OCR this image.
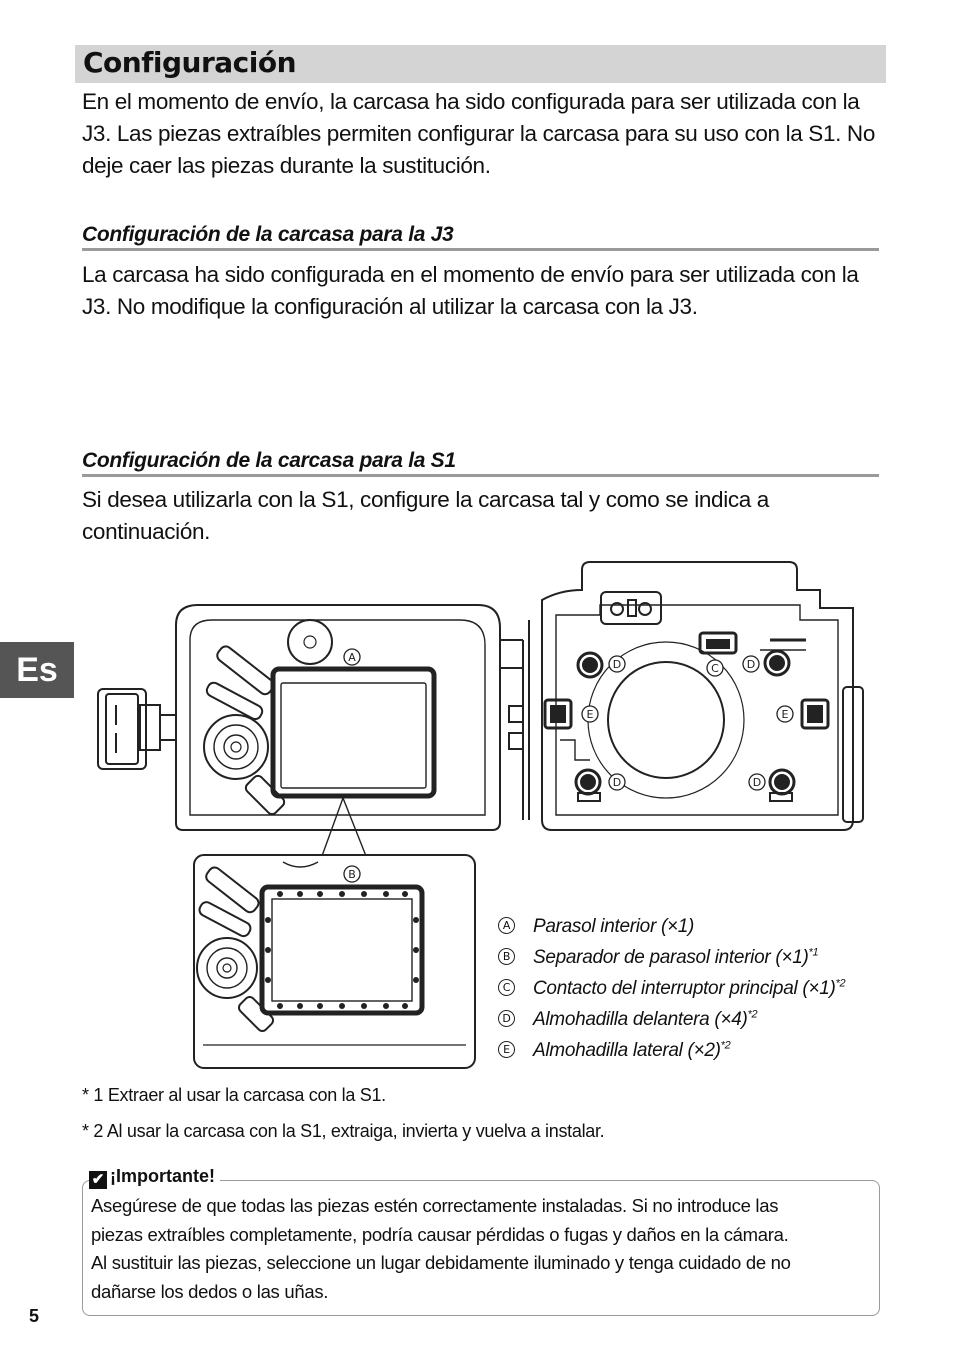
Configuración
En el momento de envío, la carcasa ha sido configurada para ser utilizada con la J3. Las piezas extraíbles permiten configurar la carcasa para su uso con la S1. No deje caer las piezas durante la sustitución.
Configuración de la carcasa para la J3
La carcasa ha sido configurada en el momento de envío para ser utilizada con la J3. No modifique la configuración al utilizar la carcasa con la J3.
Configuración de la carcasa para la S1
Si desea utilizarla con la S1, configure la carcasa tal y como se indica a continuación.
Es	A
B
C
D	D
D	D
E	E
A Parasol interior (×1)
B Separador de parasol interior $(\times 1)^{*1}$
C Contacto del interruptor principal $(\times 1)^{*2}$
D Almohadilla delantera $(\times 4)^{*2}$
E Almohadilla lateral $(\times 2)^{*2}$
* 1 Extraer al usar la carcasa con la S1.
* 2 Al usar la carcasa con la S1, extraiga, invierta y vuelva a instalar.
✔ ¡Importante!
Asegúrese de que todas las piezas estén correctamente instaladas. Si no introduce las
piezas extraíbles completamente, podría causar pérdidas o fugas y daños en la cámara.
Al sustituir las piezas, seleccione un lugar debidamente iluminado y tenga cuidado de no
dañarse los dedos o las uñas.
5
